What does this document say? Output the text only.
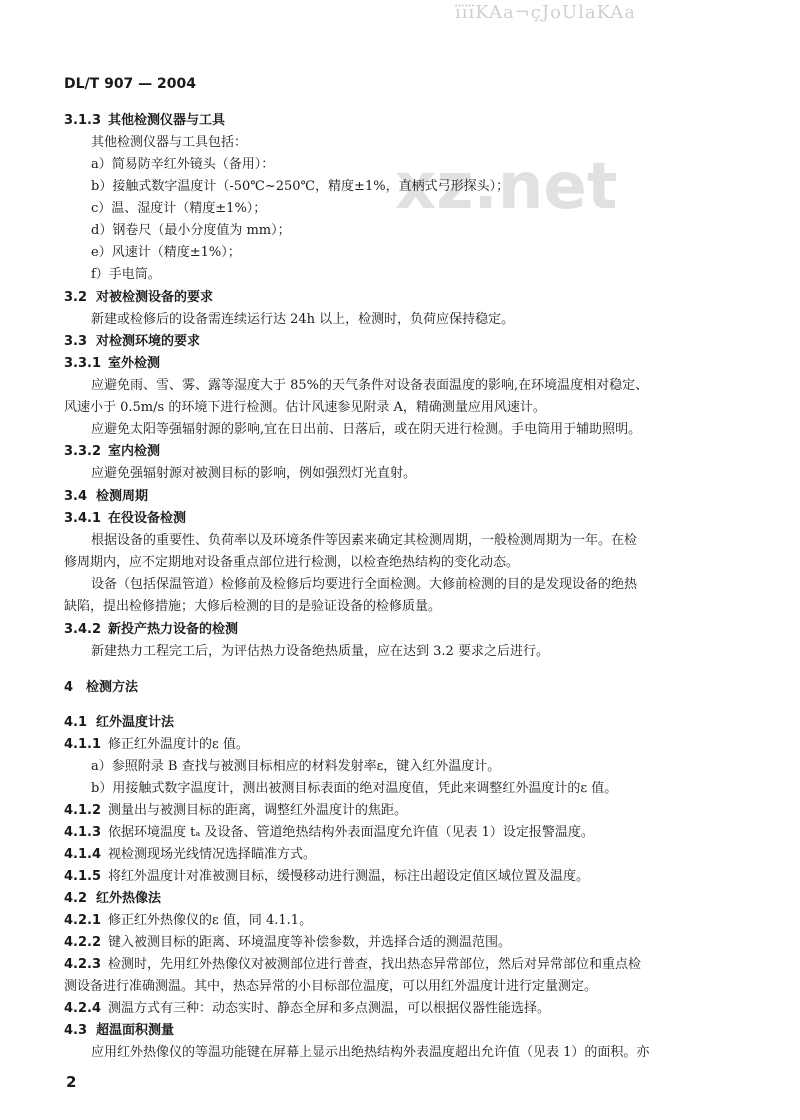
ïïïKAa¬çJoUlaKAa
xz.net
DL/T 907 — 2004
3.1.3 其他检测仪器与工具
其他检测仪器与工具包括：
a）简易防辛红外镜头（备用）：
b）接触式数字温度计（-50℃~250℃，精度±1%，直柄式弓形探头）；
c）温、湿度计（精度±1%）；
d）钢卷尺（最小分度值为 mm）；
e）风速计（精度±1%）；
f）手电筒。
3.2 对被检测设备的要求
新建或检修后的设备需连续运行达 24h 以上，检测时，负荷应保持稳定。
3.3 对检测环境的要求
3.3.1 室外检测
应避免雨、雪、雾、露等湿度大于 85%的天气条件对设备表面温度的影响,在环境温度相对稳定、
风速小于 0.5m/s 的环境下进行检测。估计风速参见附录 A，精确测量应用风速计。
应避免太阳等强辐射源的影响,宜在日出前、日落后，或在阴天进行检测。手电筒用于辅助照明。
3.3.2 室内检测
应避免强辐射源对被测目标的影响，例如强烈灯光直射。
3.4 检测周期
3.4.1 在役设备检测
根据设备的重要性、负荷率以及环境条件等因素来确定其检测周期，一般检测周期为一年。在检
修周期内，应不定期地对设备重点部位进行检测，以检查绝热结构的变化动态。
设备（包括保温管道）检修前及检修后均要进行全面检测。大修前检测的目的是发现设备的绝热
缺陷，提出检修措施；大修后检测的目的是验证设备的检修质量。
3.4.2 新投产热力设备的检测
新建热力工程完工后，为评估热力设备绝热质量，应在达到 3.2 要求之后进行。
4 检测方法
4.1 红外温度计法
4.1.1 修正红外温度计的ε 值。
a）参照附录 B 查找与被测目标相应的材料发射率ε，键入红外温度计。
b）用接触式数字温度计，测出被测目标表面的绝对温度值，凭此来调整红外温度计的ε 值。
4.1.2 测量出与被测目标的距离，调整红外温度计的焦距。
4.1.3 依据环境温度 tₐ 及设备、管道绝热结构外表面温度允许值（见表 1）设定报警温度。
4.1.4 视检测现场光线情况选择瞄准方式。
4.1.5 将红外温度计对准被测目标，缓慢移动进行测温，标注出超设定值区域位置及温度。
4.2 红外热像法
4.2.1 修正红外热像仪的ε 值，同 4.1.1。
4.2.2 键入被测目标的距离、环境温度等补偿参数，并选择合适的测温范围。
4.2.3 检测时，先用红外热像仪对被测部位进行普查，找出热态异常部位，然后对异常部位和重点检
测设备进行准确测温。其中，热态异常的小目标部位温度，可以用红外温度计进行定量测定。
4.2.4 测温方式有三种：动态实时、静态全屏和多点测温，可以根据仪器性能选择。
4.3 超温面积测量
应用红外热像仪的等温功能键在屏幕上显示出绝热结构外表温度超出允许值（见表 1）的面积。亦
2
